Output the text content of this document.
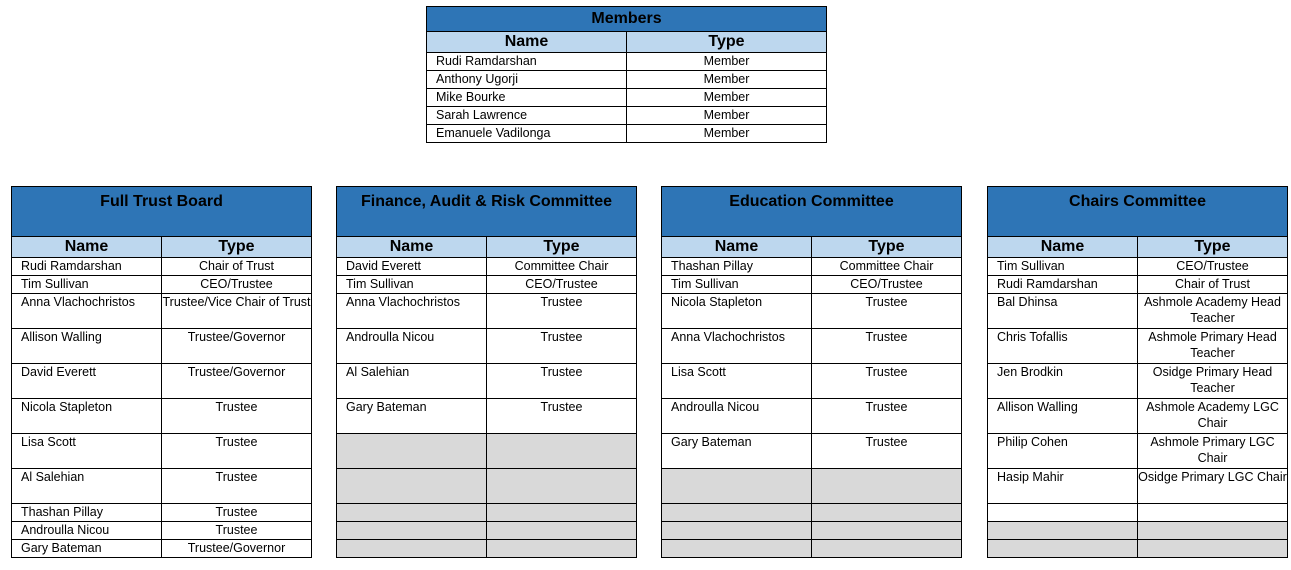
Members	
Name	Type
Rudi Ramdarshan	Member
Anthony Ugorji	Member
Mike Bourke	Member
Sarah Lawrence	Member
Emanuele Vadilonga	Member
Full Trust Board	
Name	Type
Rudi Ramdarshan	Chair of Trust
Tim Sullivan	CEO/Trustee
Anna Vlachochristos	Trustee/Vice Chair of Trust
Allison Walling	Trustee/Governor
David Everett	Trustee/Governor
Nicola Stapleton	Trustee
Lisa Scott	Trustee
Al Salehian	Trustee
Thashan Pillay	Trustee
Androulla Nicou	Trustee
Gary Bateman	Trustee/Governor
Finance, Audit & Risk Committee	
Name	Type
David Everett	Committee Chair
Tim Sullivan	CEO/Trustee
Anna Vlachochristos	Trustee
Androulla Nicou	Trustee
Al Salehian	Trustee
Gary Bateman	Trustee

Education Committee	
Name	Type
Thashan Pillay	Committee Chair
Tim Sullivan	CEO/Trustee
Nicola Stapleton	Trustee
Anna Vlachochristos	Trustee
Lisa Scott	Trustee
Androulla Nicou	Trustee
Gary Bateman	Trustee

Chairs Committee	
Name	Type
Tim Sullivan	CEO/Trustee
Rudi Ramdarshan	Chair of Trust
Bal Dhinsa	Ashmole Academy Head Teacher
Chris Tofallis	Ashmole Primary Head Teacher
Jen Brodkin	Osidge Primary Head Teacher
Allison Walling	Ashmole Academy LGC Chair
Philip Cohen	Ashmole Primary LGC Chair
Hasip Mahir	Osidge Primary LGC Chair
